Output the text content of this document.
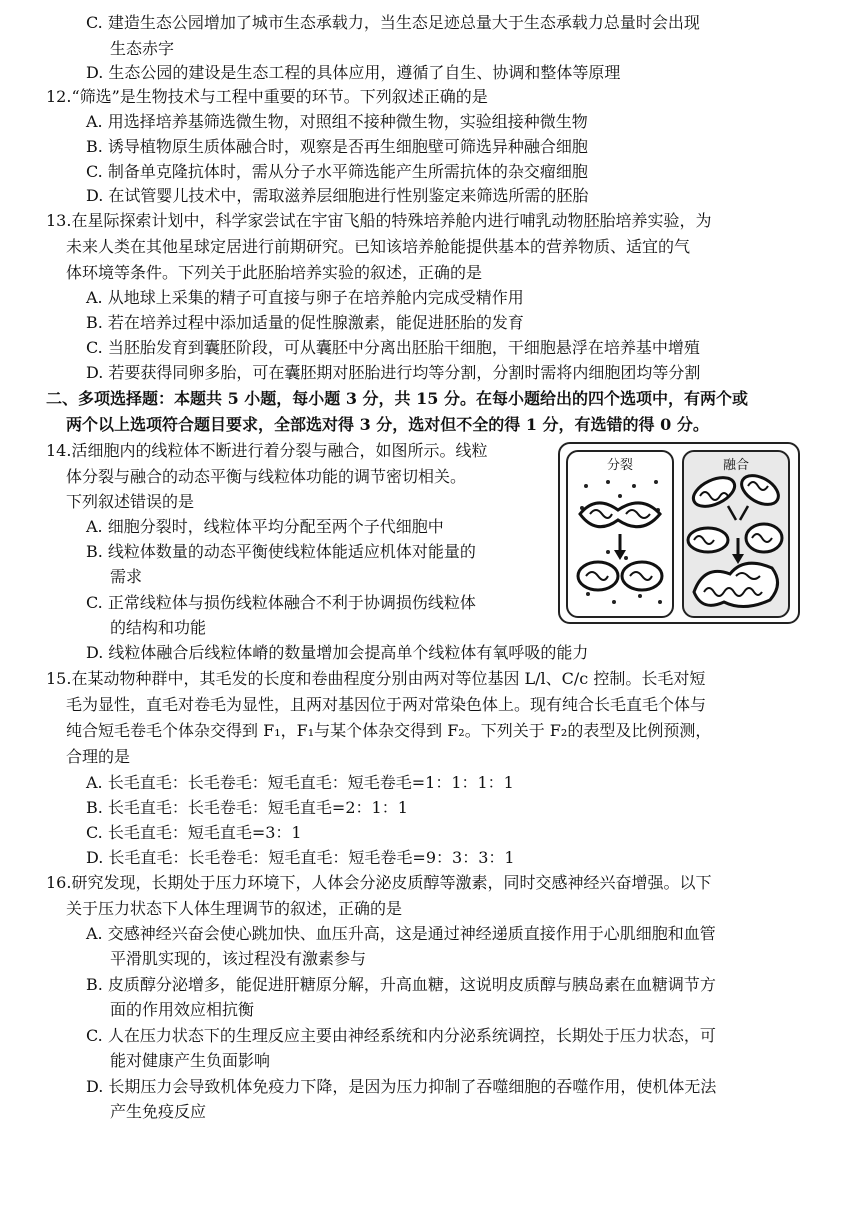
C. 建造生态公园增加了城市生态承载力，当生态足迹总量大于生态承载力总量时会出现
生态赤字
D. 生态公园的建设是生态工程的具体应用，遵循了自生、协调和整体等原理
12.“筛选”是生物技术与工程中重要的环节。下列叙述正确的是
A. 用选择培养基筛选微生物，对照组不接种微生物，实验组接种微生物
B. 诱导植物原生质体融合时，观察是否再生细胞壁可筛选异种融合细胞
C. 制备单克隆抗体时，需从分子水平筛选能产生所需抗体的杂交瘤细胞
D. 在试管婴儿技术中，需取滋养层细胞进行性别鉴定来筛选所需的胚胎
13.在星际探索计划中，科学家尝试在宇宙飞船的特殊培养舱内进行哺乳动物胚胎培养实验，为
未来人类在其他星球定居进行前期研究。已知该培养舱能提供基本的营养物质、适宜的气
体环境等条件。下列关于此胚胎培养实验的叙述，正确的是
A. 从地球上采集的精子可直接与卵子在培养舱内完成受精作用
B. 若在培养过程中添加适量的促性腺激素，能促进胚胎的发育
C. 当胚胎发育到囊胚阶段，可从囊胚中分离出胚胎干细胞，干细胞悬浮在培养基中增殖
D. 若要获得同卵多胎，可在囊胚期对胚胎进行均等分割，分割时需将内细胞团均等分割
二、多项选择题：本题共 5 小题，每小题 3 分，共 15 分。在每小题给出的四个选项中，有两个或
两个以上选项符合题目要求，全部选对得 3 分，选对但不全的得 1 分，有选错的得 0 分。
14.活细胞内的线粒体不断进行着分裂与融合，如图所示。线粒
体分裂与融合的动态平衡与线粒体功能的调节密切相关。
下列叙述错误的是
A. 细胞分裂时，线粒体平均分配至两个子代细胞中
B. 线粒体数量的动态平衡使线粒体能适应机体对能量的
需求
C. 正常线粒体与损伤线粒体融合不利于协调损伤线粒体
的结构和功能
D. 线粒体融合后线粒体嵴的数量增加会提高单个线粒体有氧呼吸的能力
分裂	融合
15.在某动物种群中，其毛发的长度和卷曲程度分别由两对等位基因 L/l、C/c 控制。长毛对短
毛为显性，直毛对卷毛为显性，且两对基因位于两对常染色体上。现有纯合长毛直毛个体与
纯合短毛卷毛个体杂交得到 F₁，F₁与某个体杂交得到 F₂。下列关于 F₂的表型及比例预测，
合理的是
A. 长毛直毛：长毛卷毛：短毛直毛：短毛卷毛=1：1：1：1
B. 长毛直毛：长毛卷毛：短毛直毛=2：1：1
C. 长毛直毛：短毛直毛=3：1
D. 长毛直毛：长毛卷毛：短毛直毛：短毛卷毛=9：3：3：1
16.研究发现，长期处于压力环境下，人体会分泌皮质醇等激素，同时交感神经兴奋增强。以下
关于压力状态下人体生理调节的叙述，正确的是
A. 交感神经兴奋会使心跳加快、血压升高，这是通过神经递质直接作用于心肌细胞和血管
平滑肌实现的，该过程没有激素参与
B. 皮质醇分泌增多，能促进肝糖原分解，升高血糖，这说明皮质醇与胰岛素在血糖调节方
面的作用效应相抗衡
C. 人在压力状态下的生理反应主要由神经系统和内分泌系统调控，长期处于压力状态，可
能对健康产生负面影响
D. 长期压力会导致机体免疫力下降，是因为压力抑制了吞噬细胞的吞噬作用，使机体无法
产生免疫反应
